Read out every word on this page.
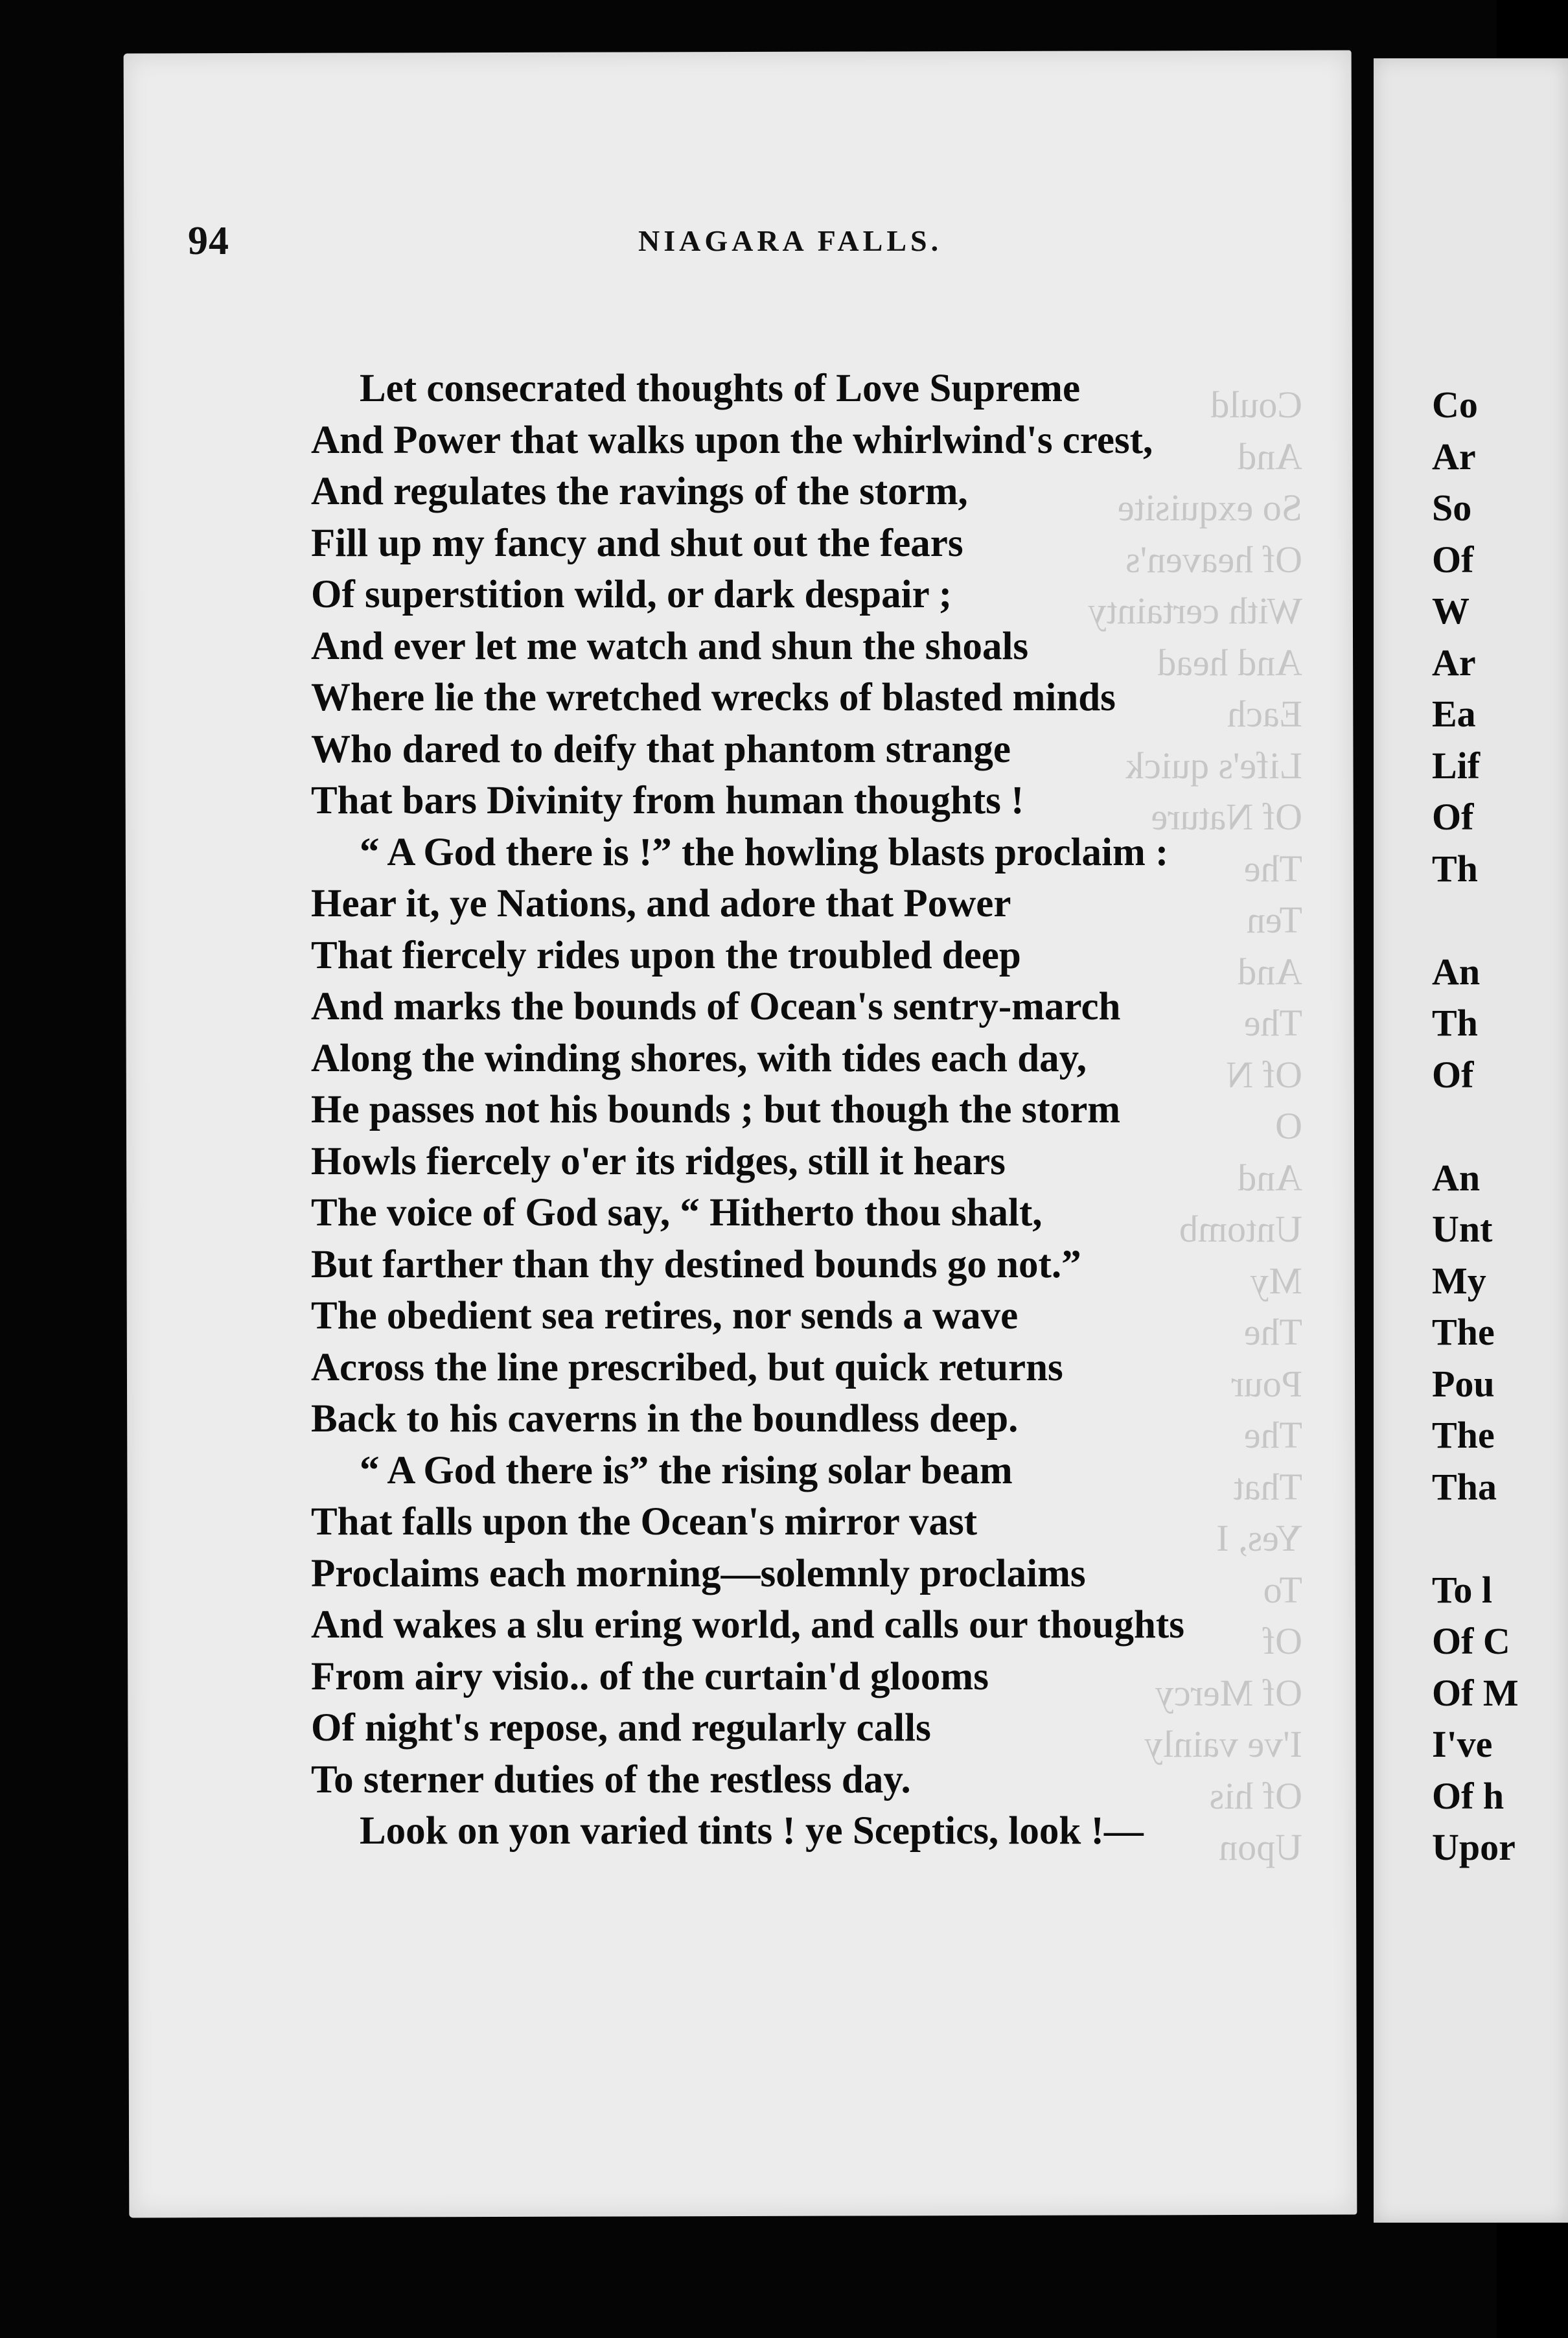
94	NIAGARA FALLS.
Could
And
So exquisite
Of heaven's
With certainty
And head
Each
Life's quick
Of Nature
The
Ten
And
The
Of N
O
And
Untomb
My
The
Pour
The
That
Yes, I
To
Of
Of Mercy
I've vainly
Of his
Upon
Let consecrated thoughts of Love Supreme
And Power that walks upon the whirlwind's crest,
And regulates the ravings of the storm,
Fill up my fancy and shut out the fears
Of superstition wild, or dark despair ;
And ever let me watch and shun the shoals
Where lie the wretched wrecks of blasted minds
Who dared to deify that phantom strange
That bars Divinity from human thoughts !
“ A God there is !” the howling blasts proclaim :
Hear it, ye Nations, and adore that Power
That fiercely rides upon the troubled deep
And marks the bounds of Ocean's sentry-march
Along the winding shores, with tides each day,
He passes not his bounds ; but though the storm
Howls fiercely o'er its ridges, still it hears
The voice of God say, “ Hitherto thou shalt,
But farther than thy destined bounds go not.”
The obedient sea retires, nor sends a wave
Across the line prescribed, but quick returns
Back to his caverns in the boundless deep.
“ A God there is” the rising solar beam
That falls upon the Ocean's mirror vast
Proclaims each morning—solemnly proclaims
And wakes a slu ering world, and calls our thoughts
From airy visio.. of the curtain'd glooms
Of night's repose, and regularly calls
To sterner duties of the restless day.
Look on yon varied tints ! ye Sceptics, look !—
Co
Ar
So
Of
W
Ar
Ea
Lif
Of
Th
An
Th
Of
An
Unt
My
The
Pou
The
Tha
To l
Of C
Of M
I've
Of h
Upor
